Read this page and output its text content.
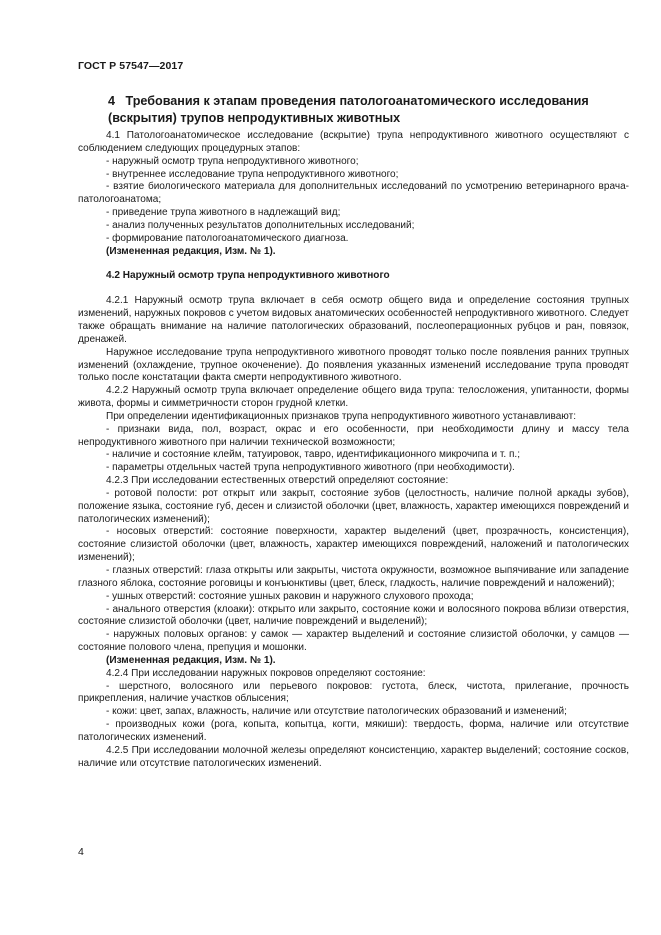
ГОСТ Р 57547—2017
4 Требования к этапам проведения патологоанатомического исследования (вскрытия) трупов непродуктивных животных

4.1 Патологоанатомическое исследование (вскрытие) трупа непродуктивного животного осуществляют с соблюдением следующих процедурных этапов:

- наружный осмотр трупа непродуктивного животного;

- внутреннее исследование трупа непродуктивного животного;

- взятие биологического материала для дополнительных исследований по усмотрению ветеринарного врача-патологоанатома;

- приведение трупа животного в надлежащий вид;

- анализ полученных результатов дополнительных исследований;

- формирование патологоанатомического диагноза.

(Измененная редакция, Изм. № 1).

4.2 Наружный осмотр трупа непродуктивного животного

4.2.1 Наружный осмотр трупа включает в себя осмотр общего вида и определение состояния трупных изменений, наружных покровов с учетом видовых анатомических особенностей непродуктивного животного. Следует также обращать внимание на наличие патологических образований, послеоперационных рубцов и ран, повязок, дренажей.

Наружное исследование трупа непродуктивного животного проводят только после появления ранних трупных изменений (охлаждение, трупное окоченение). До появления указанных изменений исследование трупа проводят только после констатации факта смерти непродуктивного животного.

4.2.2 Наружный осмотр трупа включает определение общего вида трупа: телосложения, упитанности, формы живота, формы и симметричности сторон грудной клетки.

При определении идентификационных признаков трупа непродуктивного животного устанавливают:

- признаки вида, пол, возраст, окрас и его особенности, при необходимости длину и массу тела непродуктивного животного при наличии технической возможности;

- наличие и состояние клейм, татуировок, тавро, идентификационного микрочипа и т. п.;

- параметры отдельных частей трупа непродуктивного животного (при необходимости).

4.2.3 При исследовании естественных отверстий определяют состояние:

- ротовой полости: рот открыт или закрыт, состояние зубов (целостность, наличие полной аркады зубов), положение языка, состояние губ, десен и слизистой оболочки (цвет, влажность, характер имеющихся повреждений и патологических изменений);

- носовых отверстий: состояние поверхности, характер выделений (цвет, прозрачность, консистенция), состояние слизистой оболочки (цвет, влажность, характер имеющихся повреждений, наложений и патологических изменений);

- глазных отверстий: глаза открыты или закрыты, чистота окружности, возможное выпячивание или западение глазного яблока, состояние роговицы и конъюнктивы (цвет, блеск, гладкость, наличие повреждений и наложений);

- ушных отверстий: состояние ушных раковин и наружного слухового прохода;

- анального отверстия (клоаки): открыто или закрыто, состояние кожи и волосяного покрова вблизи отверстия, состояние слизистой оболочки (цвет, наличие повреждений и выделений);

- наружных половых органов: у самок — характер выделений и состояние слизистой оболочки, у самцов — состояние полового члена, препуция и мошонки.

(Измененная редакция, Изм. № 1).

4.2.4 При исследовании наружных покровов определяют состояние:

- шерстного, волосяного или перьевого покровов: густота, блеск, чистота, прилегание, прочность прикрепления, наличие участков облысения;

- кожи: цвет, запах, влажность, наличие или отсутствие патологических образований и изменений;

- производных кожи (рога, копыта, копытца, когти, мякиши): твердость, форма, наличие или отсутствие патологических изменений.

4.2.5 При исследовании молочной железы определяют консистенцию, характер выделений; состояние сосков, наличие или отсутствие патологических изменений.

4
